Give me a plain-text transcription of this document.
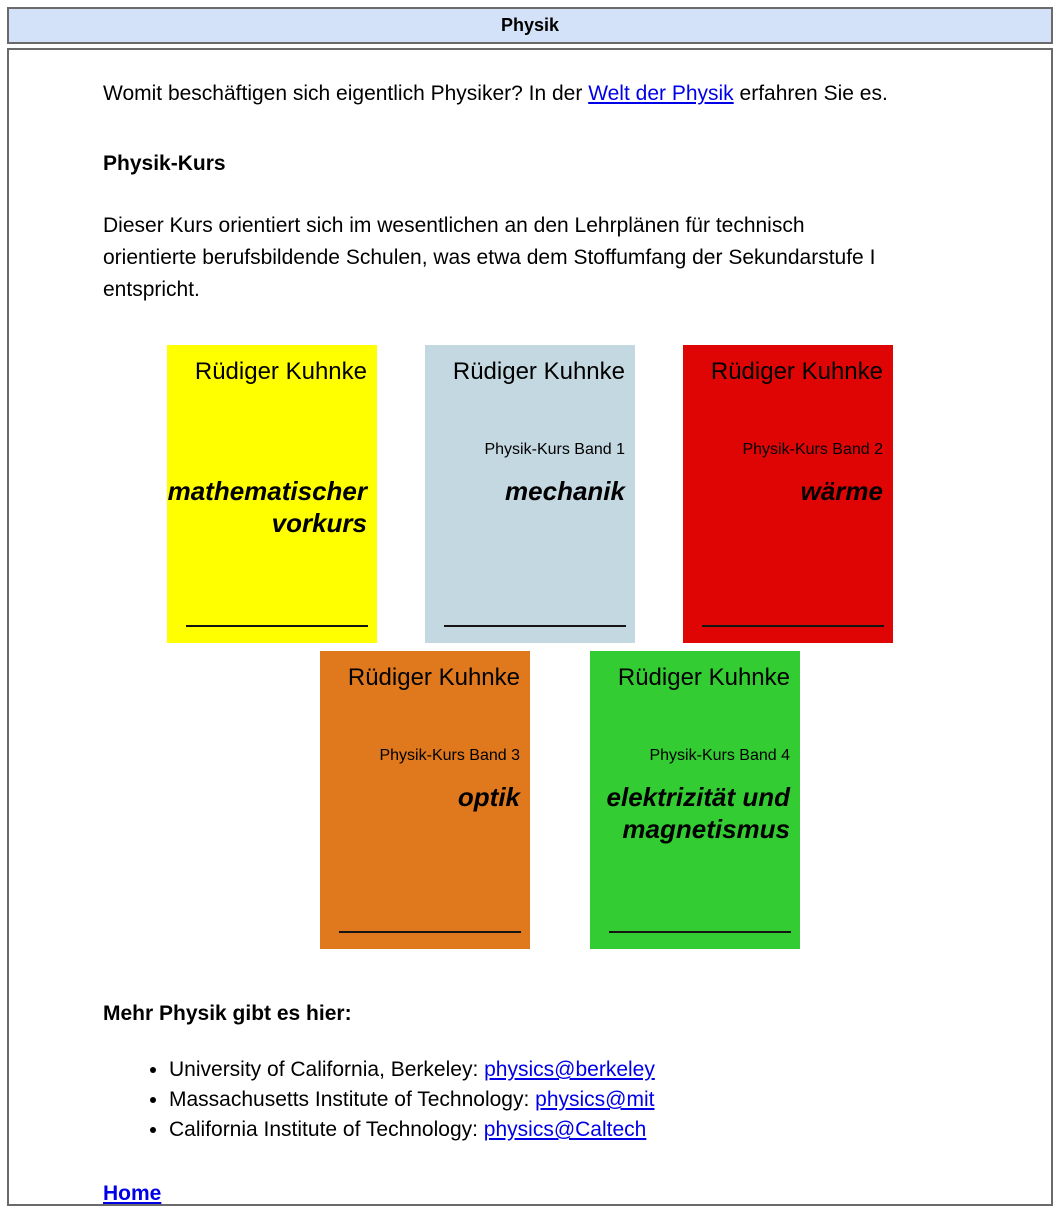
Physik

Womit beschäftigen sich eigentlich Physiker? In der Welt der Physik erfahren Sie es.

Physik-Kurs
Dieser Kurs orientiert sich im wesentlichen an den Lehrplänen für technisch
orientierte berufsbildende Schulen, was etwa dem Stoffumfang der Sekundarstufe I
entspricht.
Rüdiger Kuhnke
mathematischer
vorkurs
Rüdiger Kuhnke
Physik-Kurs Band 1
mechanik
Rüdiger Kuhnke
Physik-Kurs Band 2
wärme
Rüdiger Kuhnke
Physik-Kurs Band 3
optik
Rüdiger Kuhnke
Physik-Kurs Band 4
elektrizität und
magnetismus
Mehr Physik gibt es hier:
• University of California, Berkeley: physics@berkeley
• Massachusetts Institute of Technology: physics@mit
• California Institute of Technology: physics@Caltech

Home
